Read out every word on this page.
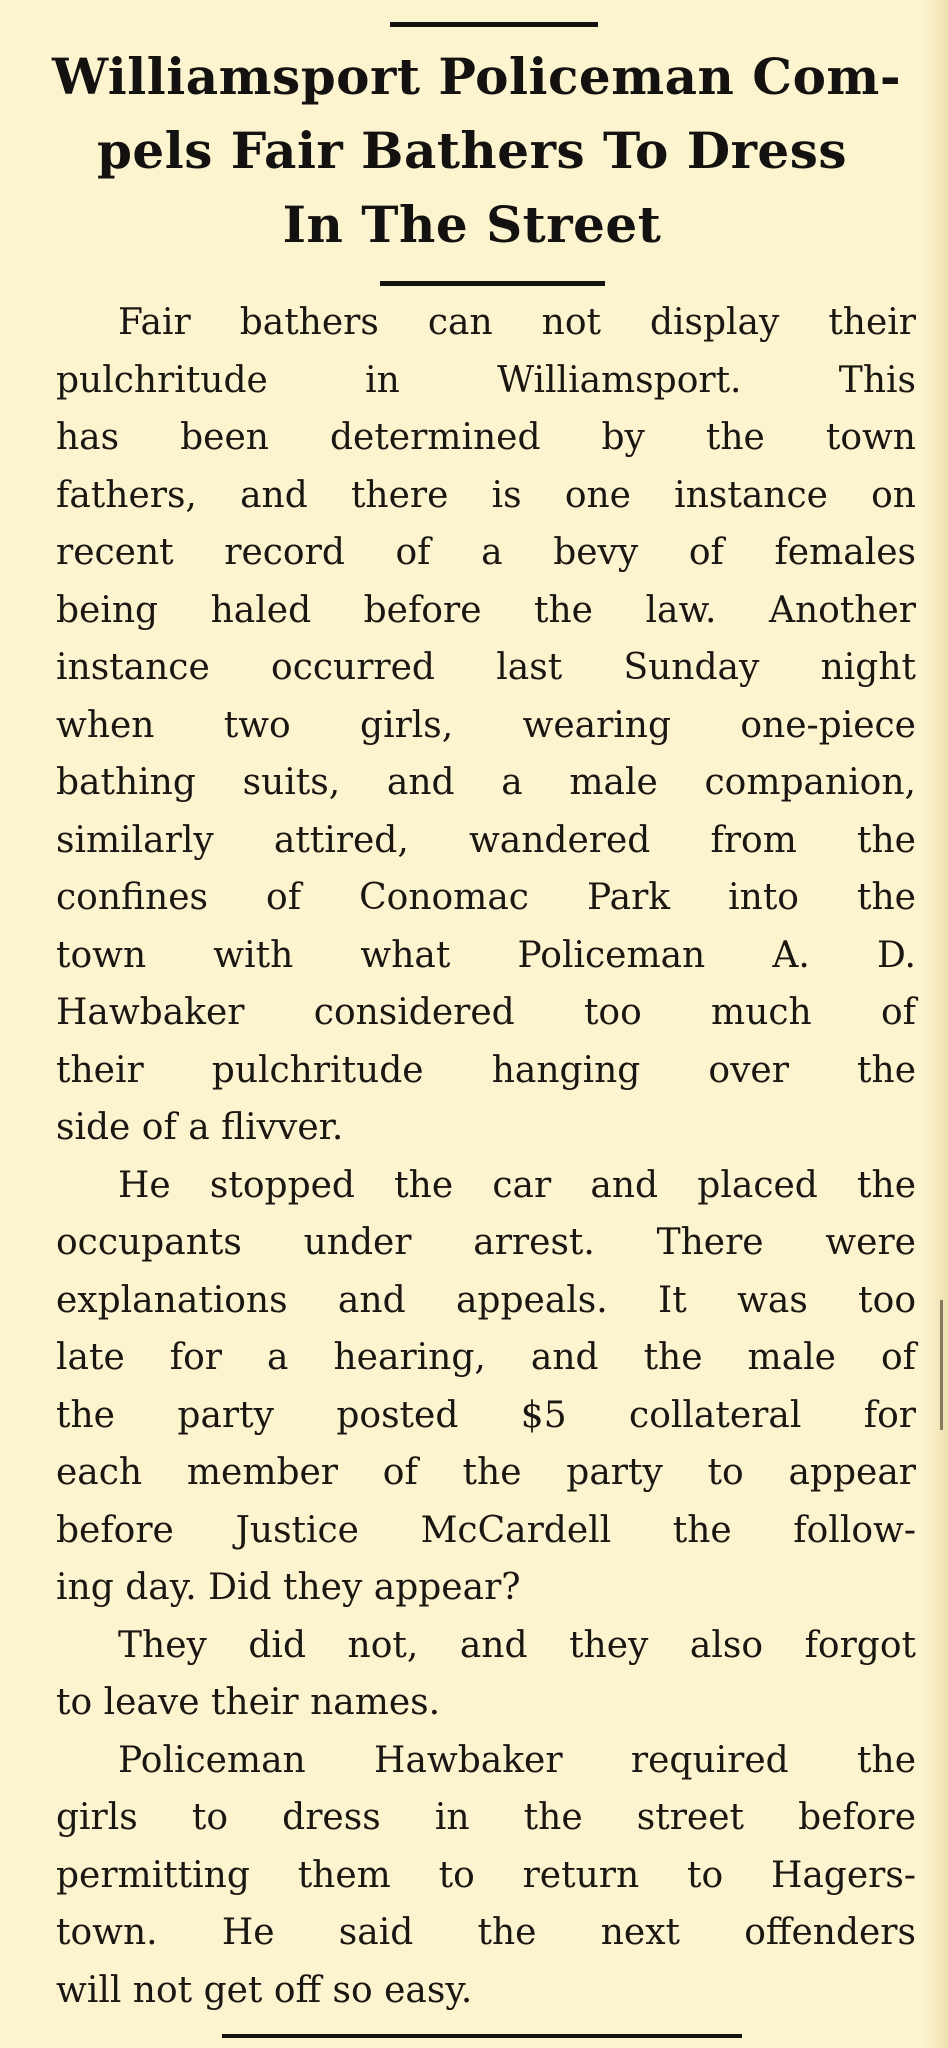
Williamsport Policeman Com-
pels Fair Bathers To Dress
In The Street
Fair bathers can not display their
pulchritude in Williamsport. This
has been determined by the town
fathers, and there is one instance on
recent record of a bevy of females
being haled before the law. Another
instance occurred last Sunday night
when two girls, wearing one-piece
bathing suits, and a male companion,
similarly attired, wandered from the
confines of Conomac Park into the
town with what Policeman A. D.
Hawbaker considered too much of
their pulchritude hanging over the
side of a flivver.
He stopped the car and placed the
occupants under arrest. There were
explanations and appeals. It was too
late for a hearing, and the male of
the party posted $5 collateral for
each member of the party to appear
before Justice McCardell the follow-
ing day. Did they appear?
They did not, and they also forgot
to leave their names.
Policeman Hawbaker required the
girls to dress in the street before
permitting them to return to Hagers-
town. He said the next offenders
will not get off so easy.
